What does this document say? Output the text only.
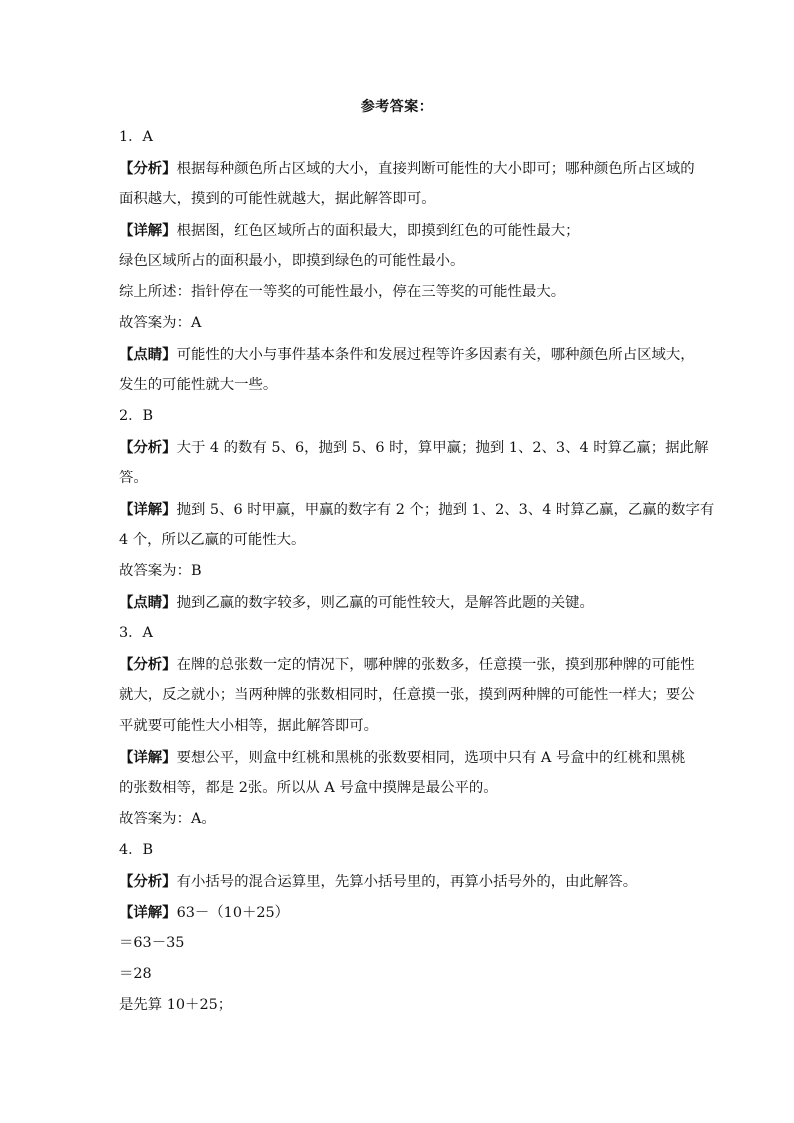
参考答案：
1．A
【分析】根据每种颜色所占区域的大小，直接判断可能性的大小即可；哪种颜色所占区域的
面积越大，摸到的可能性就越大，据此解答即可。
【详解】根据图，红色区域所占的面积最大，即摸到红色的可能性最大；
绿色区域所占的面积最小，即摸到绿色的可能性最小。
综上所述：指针停在一等奖的可能性最小，停在三等奖的可能性最大。
故答案为：A
【点睛】可能性的大小与事件基本条件和发展过程等许多因素有关，哪种颜色所占区域大，
发生的可能性就大一些。
2．B
【分析】大于 4 的数有 5、6，抛到 5、6 时，算甲赢；抛到 1、2、3、4 时算乙赢；据此解
答。
【详解】抛到 5、6 时甲赢，甲赢的数字有 2 个；抛到 1、2、3、4 时算乙赢，乙赢的数字有
4 个，所以乙赢的可能性大。
故答案为：B
【点睛】抛到乙赢的数字较多，则乙赢的可能性较大，是解答此题的关键。
3．A
【分析】在牌的总张数一定的情况下，哪种牌的张数多，任意摸一张，摸到那种牌的可能性
就大，反之就小；当两种牌的张数相同时，任意摸一张，摸到两种牌的可能性一样大；要公
平就要可能性大小相等，据此解答即可。
【详解】要想公平，则盒中红桃和黑桃的张数要相同，选项中只有 A 号盒中的红桃和黑桃
的张数相等，都是 2张。所以从 A 号盒中摸牌是最公平的。
故答案为：A。
4．B
【分析】有小括号的混合运算里，先算小括号里的，再算小括号外的，由此解答。
【详解】63－（10＋25）
＝63－35
＝28
是先算 10＋25；
